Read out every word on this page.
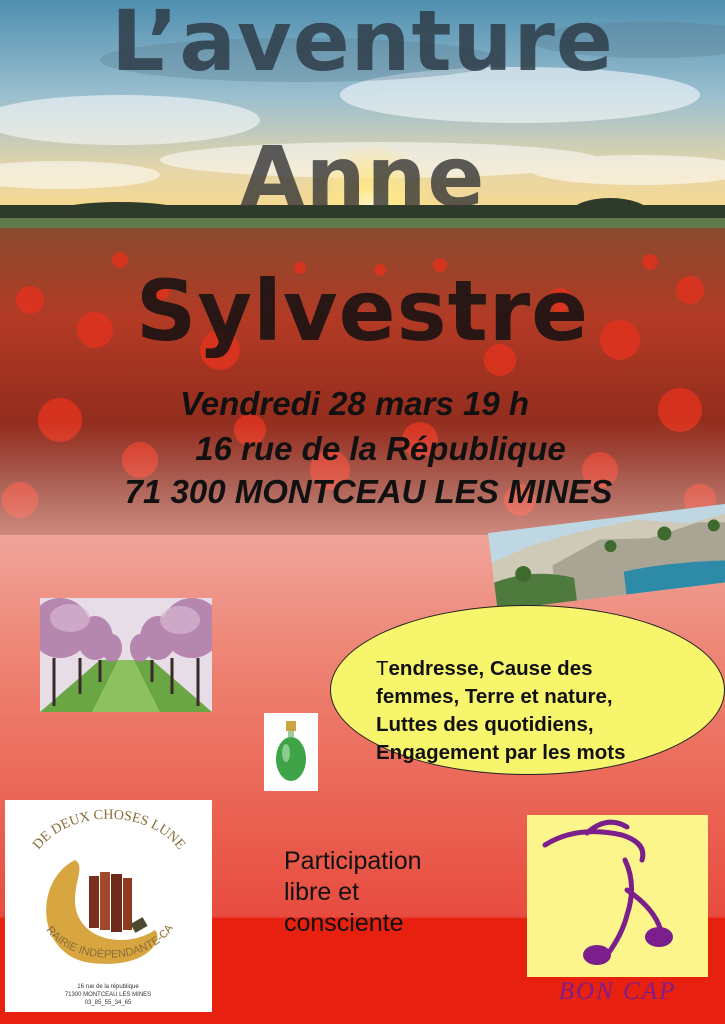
L’aventure
Anne
Sylvestre
Vendredi 28 mars 19 h
16 rue de la République
71 300 MONTCEAU LES MINES
Tendresse, Cause des
femmes, Terre et nature,
Luttes des quotidiens,
Engagement par les mots
Participation
libre et
consciente
DE DEUX CHOSES LUNE
RAIRIE INDÉPENDANTE-CA
16 rue de la république
71300 MONTCEAU LES MINES
03_85_55_34_65	BON CAP
